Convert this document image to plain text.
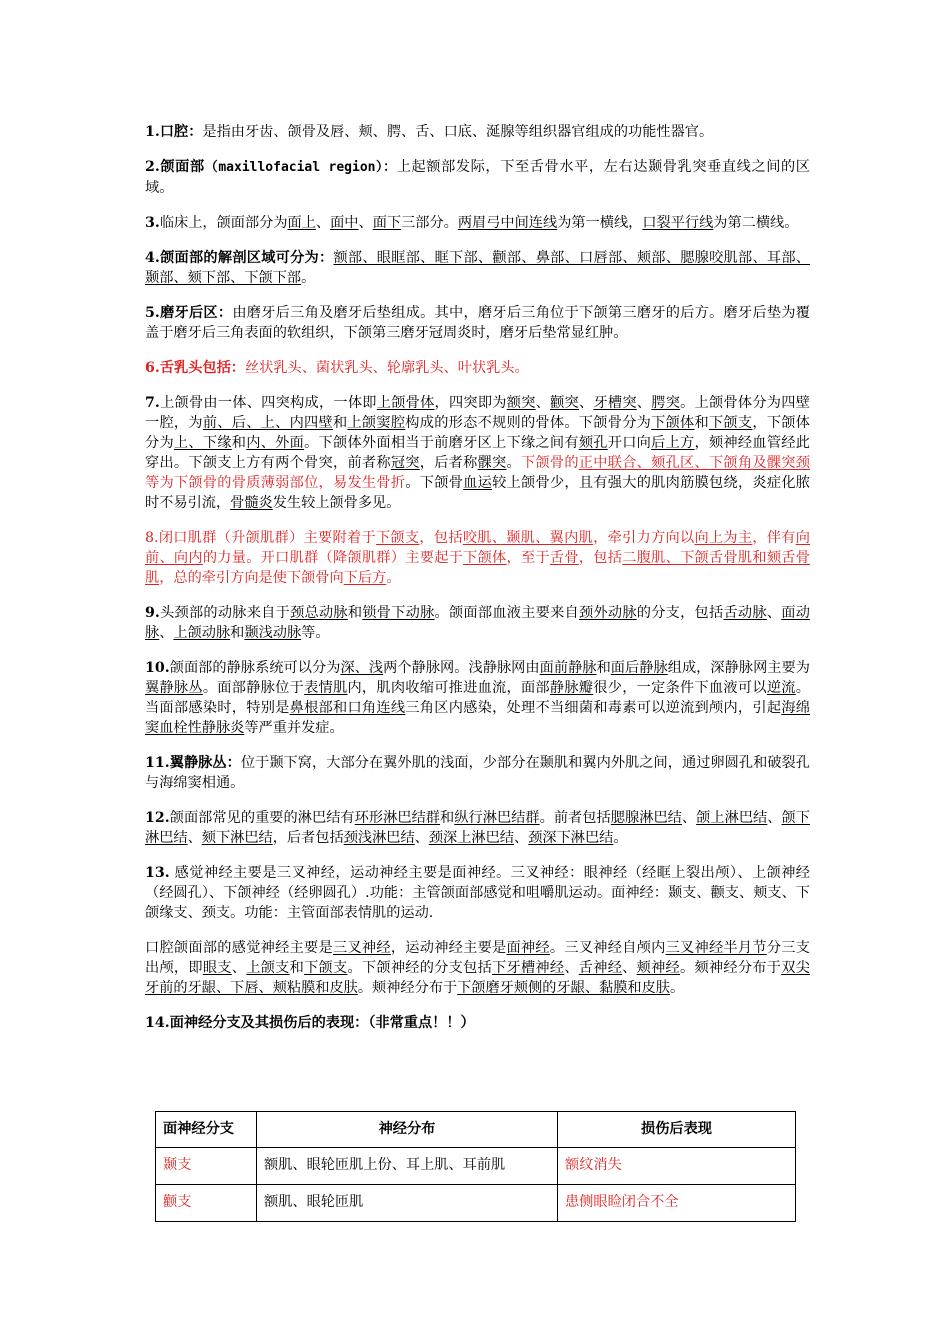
1.口腔：是指由牙齿、颌骨及唇、颊、腭、舌、口底、涎腺等组织器官组成的功能性器官。

2.颌面部（maxillofacial region）：上起额部发际，下至舌骨水平，左右达颞骨乳突垂直线之间的区域。

3.临床上，颌面部分为面上、面中、面下三部分。两眉弓中间连线为第一横线，口裂平行线为第二横线。

4.颌面部的解剖区域可分为：额部、眼眶部、眶下部、颧部、鼻部、口唇部、颊部、腮腺咬肌部、耳部、颞部、颏下部、下颌下部。

5.磨牙后区：由磨牙后三角及磨牙后垫组成。其中，磨牙后三角位于下颌第三磨牙的后方。磨牙后垫为覆盖于磨牙后三角表面的软组织，下颌第三磨牙冠周炎时，磨牙后垫常显红肿。

6.舌乳头包括：丝状乳头、菌状乳头、轮廓乳头、叶状乳头。

7.上颌骨由一体、四突构成，一体即上颌骨体，四突即为额突、颧突、牙槽突、腭突。上颌骨体分为四壁一腔，为前、后、上、内四壁和上颌窦腔构成的形态不规则的骨体。下颌骨分为下颌体和下颌支，下颌体分为上、下缘和内、外面。下颌体外面相当于前磨牙区上下缘之间有颏孔开口向后上方，颏神经血管经此穿出。下颌支上方有两个骨突，前者称冠突，后者称髁突。下颌骨的正中联合、颏孔区、下颌角及髁突颈等为下颌骨的骨质薄弱部位，易发生骨折。下颌骨血运较上颌骨少，且有强大的肌肉筋膜包绕，炎症化脓时不易引流，骨髓炎发生较上颌骨多见。

8.闭口肌群（升颌肌群）主要附着于下颌支，包括咬肌、颞肌、翼内肌，牵引力方向以向上为主，伴有向前、向内的力量。开口肌群（降颌肌群）主要起于下颌体，至于舌骨，包括二腹肌、下颌舌骨肌和颏舌骨肌，总的牵引方向是使下颌骨向下后方。

9.头颈部的动脉来自于颈总动脉和锁骨下动脉。颌面部血液主要来自颈外动脉的分支，包括舌动脉、面动脉、上颌动脉和颞浅动脉等。

10.颌面部的静脉系统可以分为深、浅两个静脉网。浅静脉网由面前静脉和面后静脉组成，深静脉网主要为翼静脉丛。面部静脉位于表情肌内，肌肉收缩可推进血流，面部静脉瓣很少，一定条件下血液可以逆流。当面部感染时，特别是鼻根部和口角连线三角区内感染，处理不当细菌和毒素可以逆流到颅内，引起海绵窦血栓性静脉炎等严重并发症。

11.翼静脉丛：位于颞下窝，大部分在翼外肌的浅面，少部分在颞肌和翼内外肌之间，通过卵圆孔和破裂孔与海绵窦相通。

12.颌面部常见的重要的淋巴结有环形淋巴结群和纵行淋巴结群。前者包括腮腺淋巴结、颌上淋巴结、颌下淋巴结、颏下淋巴结，后者包括颈浅淋巴结、颈深上淋巴结、颈深下淋巴结。

13. 感觉神经主要是三叉神经，运动神经主要是面神经。三叉神经：眼神经（经眶上裂出颅）、上颌神经（经圆孔）、下颌神经（经卵圆孔）.功能：主管颌面部感觉和咀嚼肌运动。面神经：颞支、颧支、颊支、下颌缘支、颈支。功能：主管面部表情肌的运动.

口腔颌面部的感觉神经主要是三叉神经，运动神经主要是面神经。三叉神经自颅内三叉神经半月节分三支出颅，即眼支、上颌支和下颌支。下颌神经的分支包括下牙槽神经、舌神经、颊神经。颏神经分布于双尖牙前的牙龈、下唇、颊粘膜和皮肤。颊神经分布于下颌磨牙颊侧的牙龈、黏膜和皮肤。

14.面神经分支及其损伤后的表现：（非常重点！！）

面神经分支	神经分布	损伤后表现
颞支	额肌、眼轮匝肌上份、耳上肌、耳前肌	额纹消失
颧支	额肌、眼轮匝肌	患侧眼睑闭合不全
